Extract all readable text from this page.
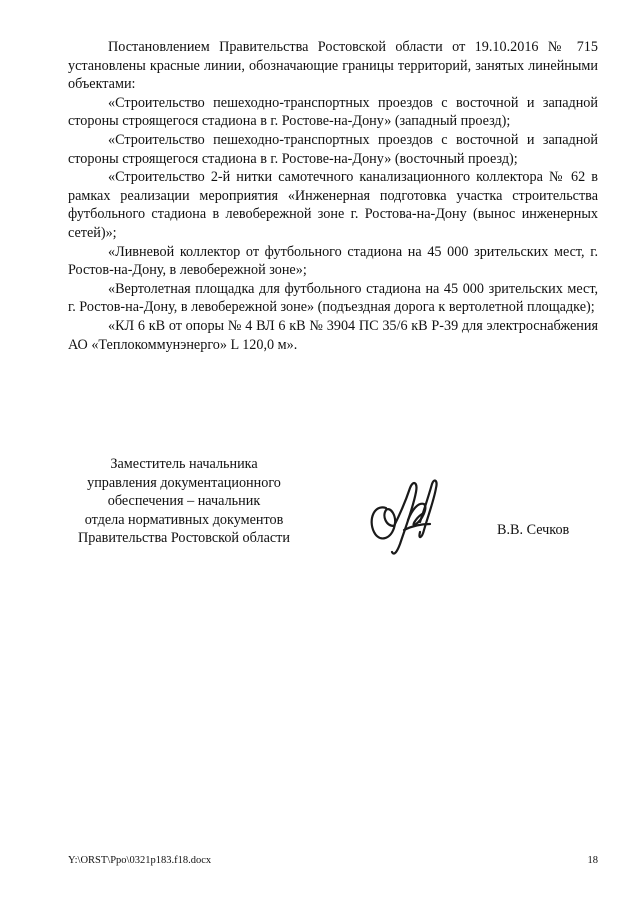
Постановлением Правительства Ростовской области от 19.10.2016 № 715 установлены красные линии, обозначающие границы территорий, занятых линейными объектами:

«Строительство пешеходно-транспортных проездов с восточной и западной стороны строящегося стадиона в г. Ростове-на-Дону» (западный проезд);

«Строительство пешеходно-транспортных проездов с восточной и западной стороны строящегося стадиона в г. Ростове-на-Дону» (восточный проезд);

«Строительство 2-й нитки самотечного канализационного коллектора № 62 в рамках реализации мероприятия «Инженерная подготовка участка строительства футбольного стадиона в левобережной зоне г. Ростова-на-Дону (вынос инженерных сетей)»;

«Ливневой коллектор от футбольного стадиона на 45 000 зрительских мест, г. Ростов-на-Дону, в левобережной зоне»;

«Вертолетная площадка для футбольного стадиона на 45 000 зрительских мест, г. Ростов-на-Дону, в левобережной зоне» (подъездная дорога к вертолетной площадке);

«КЛ 6 кВ от опоры № 4 ВЛ 6 кВ № 3904 ПС 35/6 кВ Р-39 для электроснабжения АО «Теплокоммунэнерго» L 120,0 м».

Заместитель начальника
управления документационного
обеспечения – начальник
отдела нормативных документов
Правительства Ростовской области
В.В. Сечков
Y:\ORST\Ppo\0321p183.f18.docx	18
